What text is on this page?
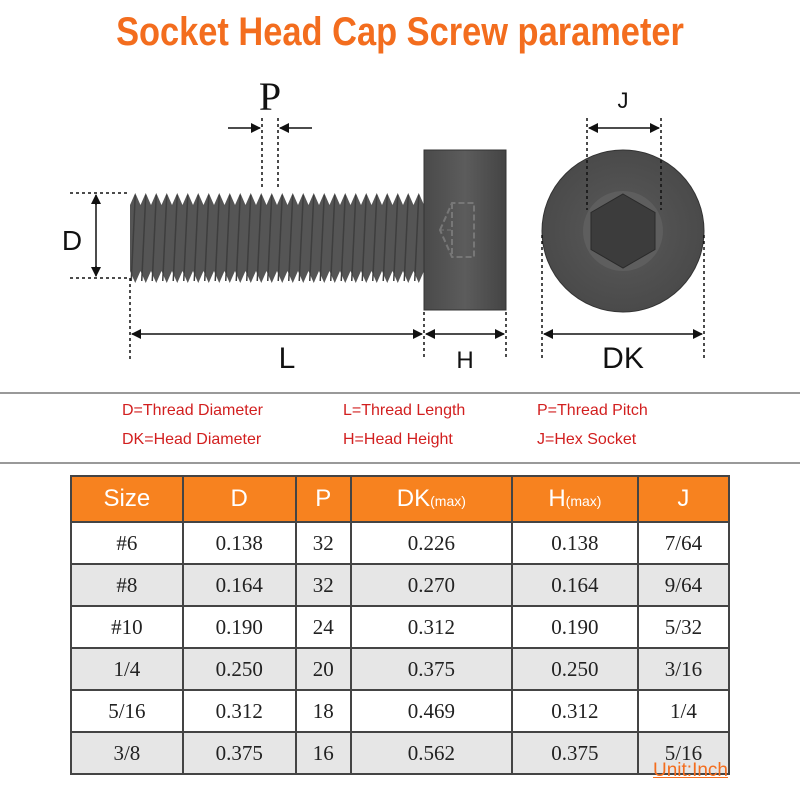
Socket Head Cap Screw parameter
P
D
L	H
J
DK
D=Thread Diameter	L=Thread Length	P=Thread Pitch
DK=Head Diameter	H=Head Height	J=Hex Socket
Size	D	P	DK(max)	H(max)	J
#6	0.138	32	0.226	0.138	7/64
#8	0.164	32	0.270	0.164	9/64
#10	0.190	24	0.312	0.190	5/32
1/4	0.250	20	0.375	0.250	3/16
5/16	0.312	18	0.469	0.312	1/4
3/8	0.375	16	0.562	0.375	5/16
Unit:Inch
